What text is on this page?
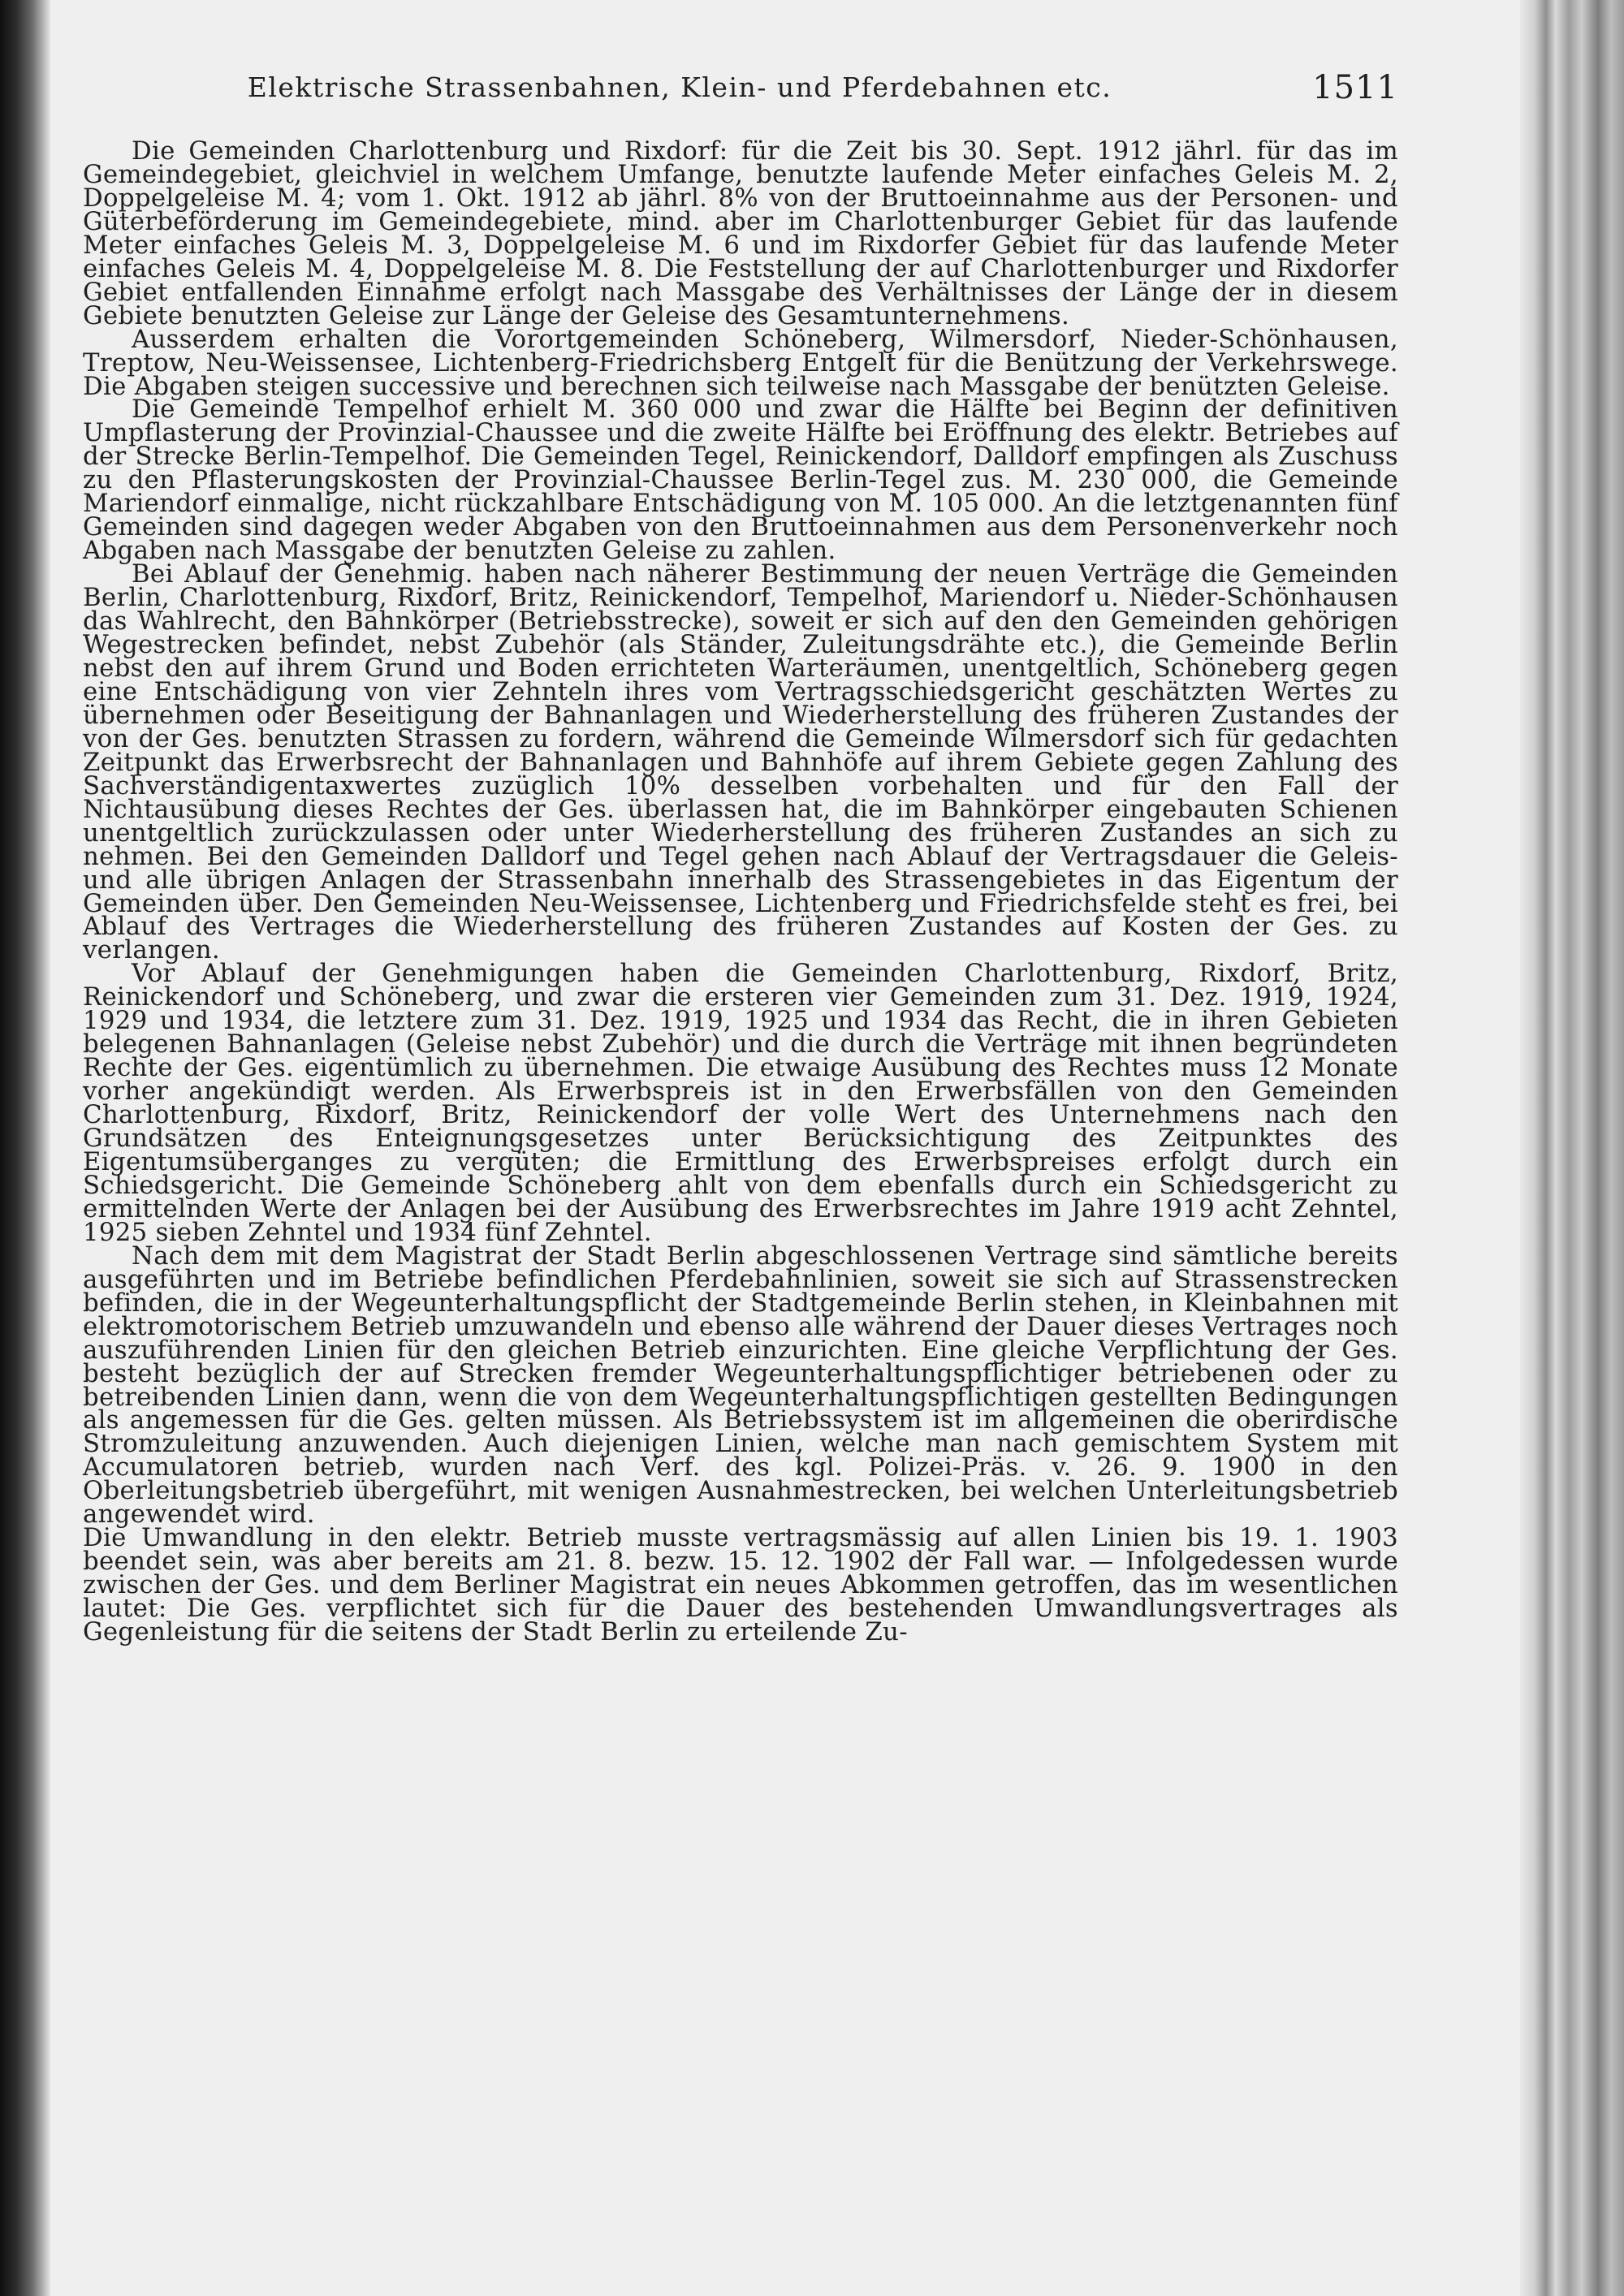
Elektrische Strassenbahnen, Klein- und Pferdebahnen etc.	1511

Die Gemeinden Charlottenburg und Rixdorf: für die Zeit bis 30. Sept. 1912 jährl. für das im Gemeindegebiet, gleichviel in welchem Umfange, benutzte laufende Meter einfaches Geleis M. 2, Doppelgeleise M. 4; vom 1. Okt. 1912 ab jährl. 8% von der Bruttoeinnahme aus der Personen- und Güterbeförderung im Gemeindegebiete, mind. aber im Charlottenburger Gebiet für das laufende Meter einfaches Geleis M. 3, Doppelgeleise M. 6 und im Rixdorfer Gebiet für das laufende Meter einfaches Geleis M. 4, Doppelgeleise M. 8. Die Feststellung der auf Charlottenburger und Rixdorfer Gebiet entfallenden Einnahme erfolgt nach Massgabe des Verhältnisses der Länge der in diesem Gebiete benutzten Geleise zur Länge der Geleise des Gesamtunternehmens.

Ausserdem erhalten die Vorortgemeinden Schöneberg, Wilmersdorf, Nieder-Schönhausen, Treptow, Neu-Weissensee, Lichtenberg-Friedrichsberg Entgelt für die Benützung der Verkehrswege. Die Abgaben steigen successive und berechnen sich teilweise nach Massgabe der benützten Geleise.

Die Gemeinde Tempelhof erhielt M. 360 000 und zwar die Hälfte bei Beginn der definitiven Umpflasterung der Provinzial-Chaussee und die zweite Hälfte bei Eröffnung des elektr. Betriebes auf der Strecke Berlin-Tempelhof. Die Gemeinden Tegel, Reinickendorf, Dalldorf empfingen als Zuschuss zu den Pflasterungskosten der Provinzial-Chaussee Berlin-Tegel zus. M. 230 000, die Gemeinde Mariendorf einmalige, nicht rückzahlbare Entschädigung von M. 105 000. An die letztgenannten fünf Gemeinden sind dagegen weder Abgaben von den Bruttoeinnahmen aus dem Personenverkehr noch Abgaben nach Massgabe der benutzten Geleise zu zahlen.

Bei Ablauf der Genehmig. haben nach näherer Bestimmung der neuen Verträge die Gemeinden Berlin, Charlottenburg, Rixdorf, Britz, Reinickendorf, Tempelhof, Mariendorf u. Nieder-Schönhausen das Wahlrecht, den Bahnkörper (Betriebsstrecke), soweit er sich auf den den Gemeinden gehörigen Wegestrecken befindet, nebst Zubehör (als Ständer, Zuleitungsdrähte etc.), die Gemeinde Berlin nebst den auf ihrem Grund und Boden errichteten Warteräumen, unentgeltlich, Schöneberg gegen eine Entschädigung von vier Zehnteln ihres vom Vertragsschiedsgericht geschätzten Wertes zu übernehmen oder Beseitigung der Bahnanlagen und Wiederherstellung des früheren Zustandes der von der Ges. benutzten Strassen zu fordern, während die Gemeinde Wilmersdorf sich für gedachten Zeitpunkt das Erwerbsrecht der Bahnanlagen und Bahnhöfe auf ihrem Gebiete gegen Zahlung des Sachverständigentaxwertes zuzüglich 10% desselben vorbehalten und für den Fall der Nichtausübung dieses Rechtes der Ges. überlassen hat, die im Bahnkörper eingebauten Schienen unentgeltlich zurückzulassen oder unter Wiederherstellung des früheren Zustandes an sich zu nehmen. Bei den Gemeinden Dalldorf und Tegel gehen nach Ablauf der Vertragsdauer die Geleis- und alle übrigen Anlagen der Strassenbahn innerhalb des Strassengebietes in das Eigentum der Gemeinden über. Den Gemeinden Neu-Weissensee, Lichtenberg und Friedrichsfelde steht es frei, bei Ablauf des Vertrages die Wiederherstellung des früheren Zustandes auf Kosten der Ges. zu verlangen.

Vor Ablauf der Genehmigungen haben die Gemeinden Charlottenburg, Rixdorf, Britz, Reinickendorf und Schöneberg, und zwar die ersteren vier Gemeinden zum 31. Dez. 1919, 1924, 1929 und 1934, die letztere zum 31. Dez. 1919, 1925 und 1934 das Recht, die in ihren Gebieten belegenen Bahnanlagen (Geleise nebst Zubehör) und die durch die Verträge mit ihnen begründeten Rechte der Ges. eigentümlich zu übernehmen. Die etwaige Ausübung des Rechtes muss 12 Monate vorher angekündigt werden. Als Erwerbspreis ist in den Erwerbsfällen von den Gemeinden Charlottenburg, Rixdorf, Britz, Reinickendorf der volle Wert des Unternehmens nach den Grundsätzen des Enteignungsgesetzes unter Berücksichtigung des Zeitpunktes des Eigentumsüberganges zu vergüten; die Ermittlung des Erwerbspreises erfolgt durch ein Schiedsgericht. Die Gemeinde Schöneberg ahlt von dem ebenfalls durch ein Schiedsgericht zu ermittelnden Werte der Anlagen bei der Ausübung des Erwerbsrechtes im Jahre 1919 acht Zehntel, 1925 sieben Zehntel und 1934 fünf Zehntel.

Nach dem mit dem Magistrat der Stadt Berlin abgeschlossenen Vertrage sind sämtliche bereits ausgeführten und im Betriebe befindlichen Pferdebahnlinien, soweit sie sich auf Strassenstrecken befinden, die in der Wegeunterhaltungspflicht der Stadtgemeinde Berlin stehen, in Kleinbahnen mit elektromotorischem Betrieb umzuwandeln und ebenso alle während der Dauer dieses Vertrages noch auszuführenden Linien für den gleichen Betrieb einzurichten. Eine gleiche Verpflichtung der Ges. besteht bezüglich der auf Strecken fremder Wegeunterhaltungspflichtiger betriebenen oder zu betreibenden Linien dann, wenn die von dem Wegeunterhaltungspflichtigen gestellten Bedingungen als angemessen für die Ges. gelten müssen. Als Betriebssystem ist im allgemeinen die oberirdische Stromzuleitung anzuwenden. Auch diejenigen Linien, welche man nach gemischtem System mit Accumulatoren betrieb, wurden nach Verf. des kgl. Polizei-Präs. v. 26. 9. 1900 in den Oberleitungsbetrieb übergeführt, mit wenigen Ausnahmestrecken, bei welchen Unterleitungsbetrieb angewendet wird.

Die Umwandlung in den elektr. Betrieb musste vertragsmässig auf allen Linien bis 19. 1. 1903 beendet sein, was aber bereits am 21. 8. bezw. 15. 12. 1902 der Fall war. — Infolgedessen wurde zwischen der Ges. und dem Berliner Magistrat ein neues Abkommen getroffen, das im wesentlichen lautet: Die Ges. verpflichtet sich für die Dauer des bestehenden Umwandlungsvertrages als Gegenleistung für die seitens der Stadt Berlin zu erteilende Zu-
